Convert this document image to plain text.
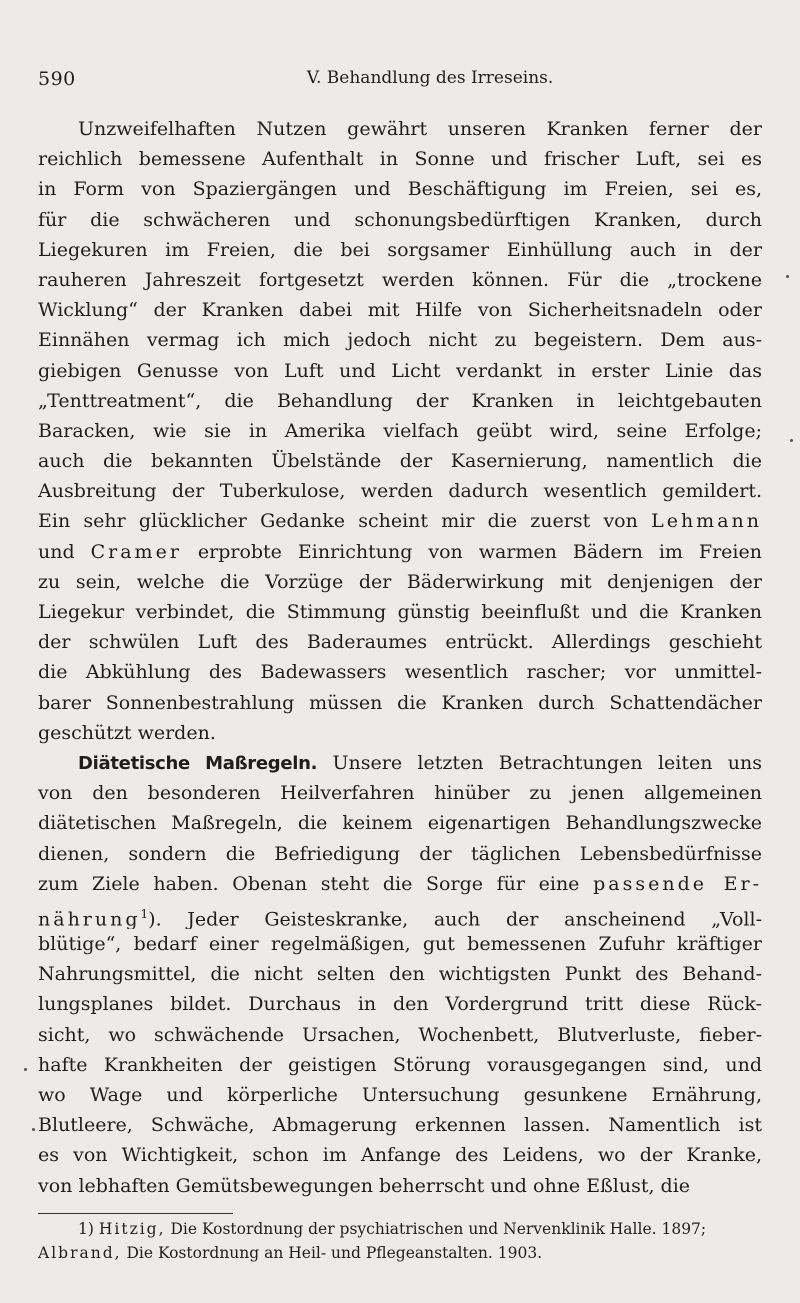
590	V. Behandlung des Irreseins.
Unzweifelhaften Nutzen gewährt unseren Kranken ferner der
reichlich bemessene Aufenthalt in Sonne und frischer Luft, sei es
in Form von Spaziergängen und Beschäftigung im Freien, sei es,
für die schwächeren und schonungsbedürftigen Kranken, durch
Liegekuren im Freien, die bei sorgsamer Einhüllung auch in der
rauheren Jahreszeit fortgesetzt werden können. Für die „trockene
Wicklung“ der Kranken dabei mit Hilfe von Sicherheitsnadeln oder
Einnähen vermag ich mich jedoch nicht zu begeistern. Dem aus-
giebigen Genusse von Luft und Licht verdankt in erster Linie das
„Tenttreatment“, die Behandlung der Kranken in leichtgebauten
Baracken, wie sie in Amerika vielfach geübt wird, seine Erfolge;
auch die bekannten Übelstände der Kasernierung, namentlich die
Ausbreitung der Tuberkulose, werden dadurch wesentlich gemildert.
Ein sehr glücklicher Gedanke scheint mir die zuerst von Lehmann
und Cramer erprobte Einrichtung von warmen Bädern im Freien
zu sein, welche die Vorzüge der Bäderwirkung mit denjenigen der
Liegekur verbindet, die Stimmung günstig beeinflußt und die Kranken
der schwülen Luft des Baderaumes entrückt. Allerdings geschieht
die Abkühlung des Badewassers wesentlich rascher; vor unmittel-
barer Sonnenbestrahlung müssen die Kranken durch Schattendächer
geschützt werden.
Diätetische Maßregeln. Unsere letzten Betrachtungen leiten uns
von den besonderen Heilverfahren hinüber zu jenen allgemeinen
diätetischen Maßregeln, die keinem eigenartigen Behandlungszwecke
dienen, sondern die Befriedigung der täglichen Lebensbedürfnisse
zum Ziele haben. Obenan steht die Sorge für eine passende Er-
nährung$^1$). Jeder Geisteskranke, auch der anscheinend „Voll-
blütige“, bedarf einer regelmäßigen, gut bemessenen Zufuhr kräftiger
Nahrungsmittel, die nicht selten den wichtigsten Punkt des Behand-
lungsplanes bildet. Durchaus in den Vordergrund tritt diese Rück-
sicht, wo schwächende Ursachen, Wochenbett, Blutverluste, fieber-
hafte Krankheiten der geistigen Störung vorausgegangen sind, und
wo Wage und körperliche Untersuchung gesunkene Ernährung,
Blutleere, Schwäche, Abmagerung erkennen lassen. Namentlich ist
es von Wichtigkeit, schon im Anfange des Leidens, wo der Kranke,
von lebhaften Gemütsbewegungen beherrscht und ohne Eßlust, die
1) Hitzig, Die Kostordnung der psychiatrischen und Nervenklinik Halle. 1897;
Albrand, Die Kostordnung an Heil- und Pflegeanstalten. 1903.
